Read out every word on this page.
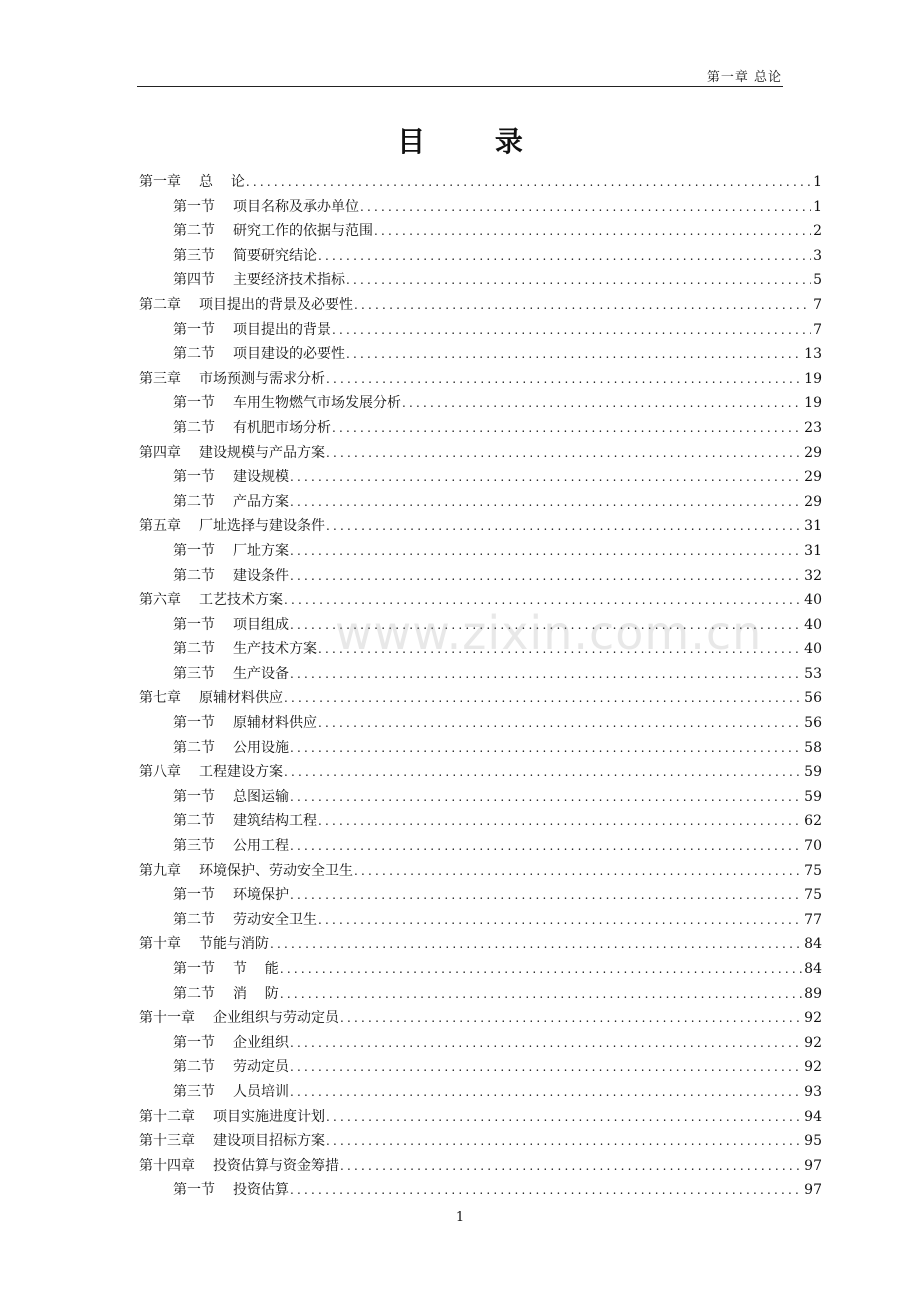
第一章 总论
目 录
第一章 总    论 .....	1
第一节 项目名称及承办单位 .....	1
第二节 研究工作的依据与范围 .....	2
第三节 简要研究结论 .....	3
第四节 主要经济技术指标 .....	5
第二章 项目提出的背景及必要性 .....	7
第一节 项目提出的背景 .....	7
第二节 项目建设的必要性 .....	13
第三章 市场预测与需求分析 .....	19
第一节 车用生物燃气市场发展分析 .....	19
第二节 有机肥市场分析 .....	23
第四章 建设规模与产品方案 .....	29
第一节 建设规模 .....	29
第二节 产品方案 .....	29
第五章 厂址选择与建设条件 .....	31
第一节 厂址方案 .....	31
第二节 建设条件 .....	32
第六章 工艺技术方案 .....	40
第一节 项目组成 .....	40
第二节 生产技术方案 .....	40
第三节 生产设备 .....	53
第七章 原辅材料供应 .....	56
第一节 原辅材料供应 .....	56
第二节 公用设施 .....	58
第八章 工程建设方案 .....	59
第一节 总图运输 .....	59
第二节 建筑结构工程 .....	62
第三节 公用工程 .....	70
第九章 环境保护、劳动安全卫生 .....	75
第一节 环境保护 .....	75
第二节 劳动安全卫生 .....	77
第十章 节能与消防 .....	84
第一节 节    能 .....	84
第二节 消    防 .....	89
第十一章 企业组织与劳动定员 .....	92
第一节 企业组织 .....	92
第二节 劳动定员 .....	92
第三节 人员培训 .....	93
第十二章 项目实施进度计划 .....	94
第十三章 建设项目招标方案 .....	95
第十四章 投资估算与资金筹措 .....	97
第一节 投资估算 .....	97
www.zixin.com.cn
1
